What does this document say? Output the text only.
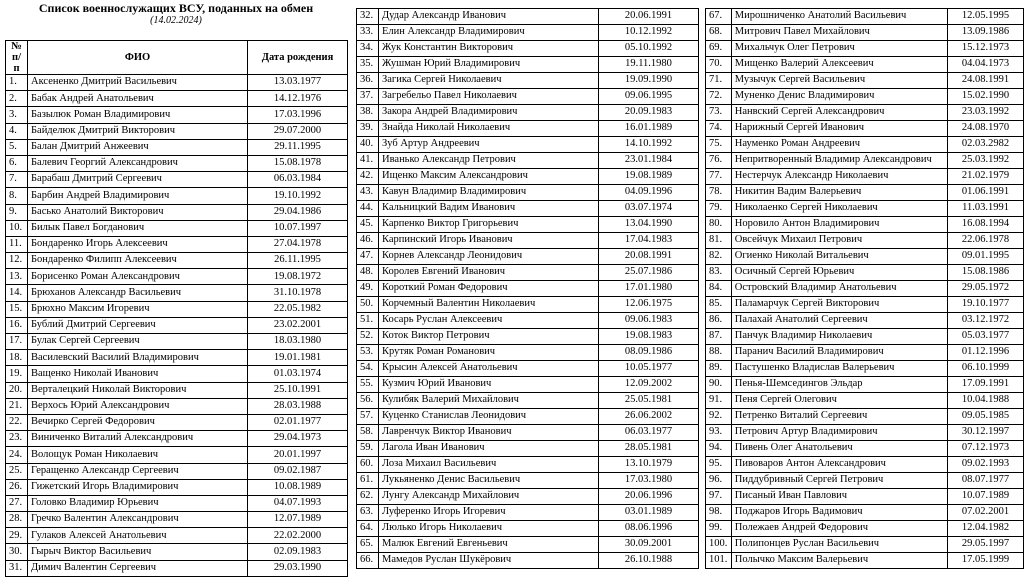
Список военнослужащих ВСУ, поданных на обмен
(14.02.2024)
№
п/п	ФИО	Дата рождения
1.	Аксененко Дмитрий Васильевич	13.03.1977
2.	Бабак Андрей Анатольевич	14.12.1976
3.	Базылюк Роман Владимирович	17.03.1996
4.	Байделюк Дмитрий Викторович	29.07.2000
5.	Балан Дмитрий Анжеевич	29.11.1995
6.	Балевич Георгий Александрович	15.08.1978
7.	Барабаш Дмитрий Сергеевич	06.03.1984
8.	Барбин Андрей Владимирович	19.10.1992
9.	Басько Анатолий Викторович	29.04.1986
10.	Билык Павел Богданович	10.07.1997
11.	Бондаренко Игорь Алексеевич	27.04.1978
12.	Бондаренко Филипп Алексеевич	26.11.1995
13.	Борисенко Роман Александрович	19.08.1972
14.	Брюханов Александр Васильевич	31.10.1978
15.	Брюхно Максим Игоревич	22.05.1982
16.	Бублий Дмитрий Сергеевич	23.02.2001
17.	Булак Сергей Сергеевич	18.03.1980
18.	Василевский Василий Владимирович	19.01.1981
19.	Ващенко Николай Иванович	01.03.1974
20.	Верталецкий Николай Викторович	25.10.1991
21.	Верхось Юрий Александрович	28.03.1988
22.	Вечирко Сергей Федорович	02.01.1977
23.	Виниченко Виталий Александрович	29.04.1973
24.	Волощук Роман Николаевич	20.01.1997
25.	Геращенко Александр Сергеевич	09.02.1987
26.	Гижетский Игорь Владимирович	10.08.1989
27.	Головко Владимир Юрьевич	04.07.1993
28.	Гречко Валентин Александрович	12.07.1989
29.	Гулаков Алексей Анатольевич	22.02.2000
30.	Гырыч Виктор Васильевич	02.09.1983
31.	Димич Валентин Сергеевич	29.03.1990
32.	Дудар Александр Иванович	20.06.1991
33.	Елин Александр Владимирович	10.12.1992
34.	Жук Константин Викторович	05.10.1992
35.	Жушман Юрий Владимирович	19.11.1980
36.	Загика Сергей Николаевич	19.09.1990
37.	Загребельо Павел Николаевич	09.06.1995
38.	Закора Андрей Владимирович	20.09.1983
39.	Знайда Николай Николаевич	16.01.1989
40.	Зуб Артур Андреевич	14.10.1992
41.	Иванько Александр Петрович	23.01.1984
42.	Ищенко Максим Александрович	19.08.1989
43.	Кавун Владимир Владимирович	04.09.1996
44.	Кальницкий Вадим Иванович	03.07.1974
45.	Карпенко Виктор Григорьевич	13.04.1990
46.	Карпинский Игорь Иванович	17.04.1983
47.	Корнев Александр Леонидович	20.08.1991
48.	Королев Евгений Иванович	25.07.1986
49.	Короткий Роман Федорович	17.01.1980
50.	Корчемный Валентин Николаевич	12.06.1975
51.	Косарь Руслан Алексеевич	09.06.1983
52.	Коток Виктор Петрович	19.08.1983
53.	Крутяк Роман Романович	08.09.1986
54.	Крысин Алексей Анатольевич	10.05.1977
55.	Кузмич Юрий Иванович	12.09.2002
56.	Кулибяк Валерий Михайлович	25.05.1981
57.	Куценко Станислав Леонидович	26.06.2002
58.	Лавренчук Виктор Иванович	06.03.1977
59.	Лагола Иван Иванович	28.05.1981
60.	Лоза Михаил Васильевич	13.10.1979
61.	Лукьяненко Денис Васильевич	17.03.1980
62.	Лунгу Александр Михайлович	20.06.1996
63.	Луференко Игорь Игоревич	03.01.1989
64.	Люлько Игорь Николаевич	08.06.1996
65.	Малюк Евгений Евгеньевич	30.09.2001
66.	Мамедов Руслан Шукёрович	26.10.1988
67.	Мирошниченко Анатолий Васильевич	12.05.1995
68.	Митрович Павел Михайлович	13.09.1986
69.	Михальчук Олег Петрович	15.12.1973
70.	Мищенко Валерий Алексеевич	04.04.1973
71.	Музычук Сергей Васильевич	24.08.1991
72.	Муненко Денис Владимирович	15.02.1990
73.	Нанвский Сергей Александрович	23.03.1992
74.	Нарижный Сергей Иванович	24.08.1970
75.	Науменко Роман Андреевич	02.03.2982
76.	Непритворенный Владимир Александрович	25.03.1992
77.	Нестерчук Александр Николаевич	21.02.1979
78.	Никитин Вадим Валерьевич	01.06.1991
79.	Николаенко Сергей Николаевич	11.03.1991
80.	Норовило Антон Владимирович	16.08.1994
81.	Овсейчук Михаил Петрович	22.06.1978
82.	Огиенко Николай Витальевич	09.01.1995
83.	Осичный Сергей Юрьевич	15.08.1986
84.	Островский Владимир Анатольевич	29.05.1972
85.	Паламарчук Сергей Викторович	19.10.1977
86.	Палахай Анатолий Сергеевич	03.12.1972
87.	Панчук Владимир Николаевич	05.03.1977
88.	Паранич Василий Владимирович	01.12.1996
89.	Пастушенко Владислав Валерьевич	06.10.1999
90.	Пенья-Шемседингов Эльдар	17.09.1991
91.	Пеня Сергей Олегович	10.04.1988
92.	Петренко Виталий Сергеевич	09.05.1985
93.	Петрович Артур Владимирович	30.12.1997
94.	Пивень Олег Анатольевич	07.12.1973
95.	Пивоваров Антон Александрович	09.02.1993
96.	Пиддубривный Сергей Петрович	08.07.1977
97.	Писаный Иван Павлович	10.07.1989
98.	Поджаров Игорь Вадимович	07.02.2001
99.	Полежаев Андрей Федорович	12.04.1982
100.	Полипонцев Руслан Васильевич	29.05.1997
101.	Полычко Максим Валерьевич	17.05.1999
